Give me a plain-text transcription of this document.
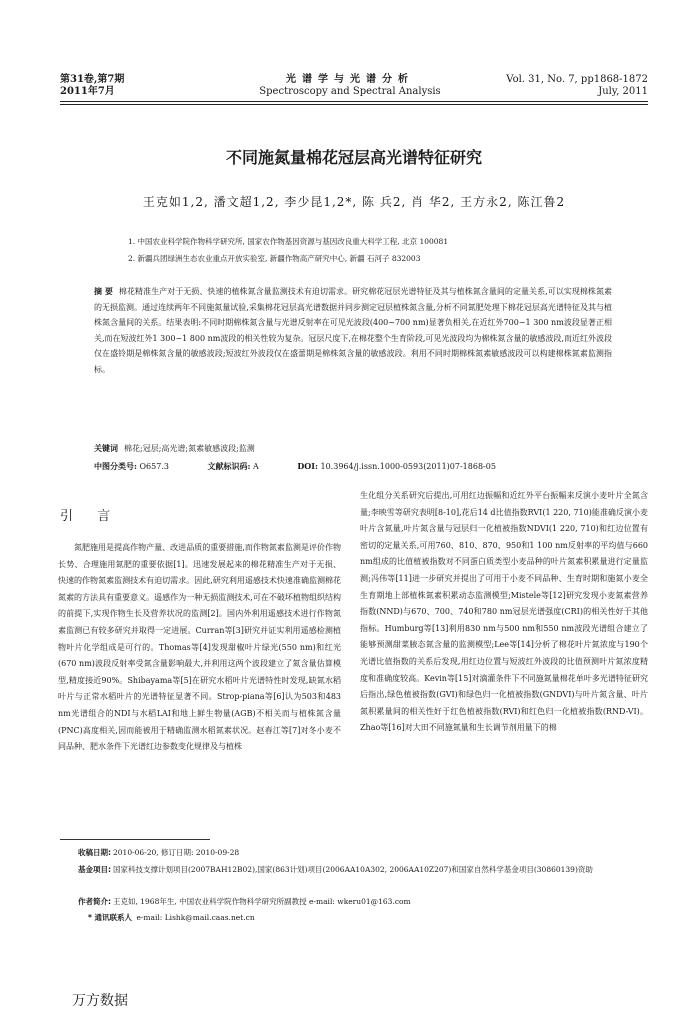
第31卷,第7期
2011年7月
光谱学与光谱分析
Spectroscopy and Spectral Analysis
Vol. 31, No. 7, pp1868-1872
July, 2011
不同施氮量棉花冠层高光谱特征研究
王克如1,2, 潘文超1,2, 李少昆1,2*, 陈 兵2, 肖 华2, 王方永2, 陈江鲁2
1. 中国农业科学院作物科学研究所, 国家农作物基因资源与基因改良重大科学工程, 北京 100081
2. 新疆兵团绿洲生态农业重点开放实验室, 新疆作物高产研究中心, 新疆 石河子 832003

摘 要 棉花精准生产对于无损、快速的植株氮含量监测技术有迫切需求。研究棉花冠层光谱特征及其与植株氮含量间的定量关系,可以实现棉株氮素的无损监测。通过连续两年不同施氮量试验,采集棉花冠层高光谱数据并同步测定冠层植株氮含量,分析不同氮肥处理下棉花冠层高光谱特征及其与植株氮含量间的关系。结果表明:不同时期棉株氮含量与光谱反射率在可见光波段(400~700 nm)显著负相关,在近红外700~1 300 nm波段显著正相关,而在短波红外1 300~1 800 nm波段的相关性较为复杂。冠层尺度下,在棉花整个生育阶段,可见光波段均为棉株氮含量的敏感波段,而近红外波段仅在盛铃期是棉株氮含量的敏感波段;短波红外波段仅在盛蕾期是棉株氮含量的敏感波段。利用不同时期棉株氮素敏感波段可以构建棉株氮素监测指标。

关键词 棉花;冠层;高光谱;氮素敏感波段;监测

中图分类号: O657.3	文献标识码: A	DOI: 10.3964/j.issn.1000-0593(2011)07-1868-05
引 言

氮肥施用是提高作物产量、改进品质的重要措施,而作物氮素监测是评价作物长势、合理施用氮肥的重要依据[1]。迅速发展起来的棉花精准生产对于无损、快速的作物氮素监测技术有迫切需求。因此,研究利用遥感技术快速准确监测棉花氮素的方法具有重要意义。遥感作为一种无损监测技术,可在不破坏植物组织结构的前提下,实现作物生长及营养状况的监测[2]。国内外利用遥感技术进行作物氮素监测已有较多研究并取得一定进展。Curran等[3]研究并证实利用遥感检测植物叶片化学组成是可行的。Thomas等[4]发现甜椒叶片绿光(550 nm)和红光(670 nm)波段反射率受氮含量影响最大,并利用这两个波段建立了氮含量估算模型,精度接近90%。Shibayama等[5]在研究水稻叶片光谱特性时发现,缺氮水稻叶片与正常水稻叶片的光谱特征显著不同。Strop-piana等[6]认为503和483 nm光谱组合的NDI与水稻LAI和地上鲜生物量(AGB)不相关而与植株氮含量(PNC)高度相关,因而能被用于精确监测水稻氮素状况。赵春江等[7]对冬小麦不同品种、肥水条件下光谱红边参数变化规律及与植株

生化组分关系研究后提出,可用红边振幅和近红外平台振幅来反演小麦叶片全氮含量;李映雪等研究表明[8-10],花后14 d比值指数RVI(1 220, 710)能准确反演小麦叶片含氮量,叶片氮含量与冠层归一化植被指数NDVI(1 220, 710)和红边位置有密切的定量关系,可用760、810、870、950和1 100 nm反射率的平均值与660 nm组成的比值植被指数对不同蛋白质类型小麦品种的叶片氮素积累量进行定量监测;冯伟等[11]进一步研究并提出了可用于小麦不同品种、生育时期和施氮小麦全生育期地上部植株氮素积累动态监测模型;Mistele等[12]研究发现小麦氮素营养指数(NND)与670、700、740和780 nm冠层光谱强度(CRI)的相关性好于其他指标。Humburg等[13]利用830 nm与500 nm和550 nm波段光谱组合建立了能够预测甜菜腋态氮含量的监测模型;Lee等[14]分析了棉花叶片氮浓度与190个光谱比值指数的关系后发现,用红边位置与短波红外波段的比值预测叶片氮浓度精度和准确度较高。Kevin等[15]对滴灌条件下不同施氮量棉花单叶多光谱特征研究后指出,绿色植被指数(GVI)和绿色归一化植被指数(GNDVI)与叶片氮含量、叶片氮积累量间的相关性好于红色植被指数(RVI)和红色归一化植被指数(RND-VI)。Zhao等[16]对大田不同施氮量和生长调节剂用量下的棉

收稿日期: 2010-06-20, 修订日期: 2010-09-28
基金项目: 国家科技支撑计划项目(2007BAH12B02),国家(863计划)项目(2006AA10A302, 2006AA10Z207)和国家自然科学基金项目(30860139)资助
作者简介: 王克如, 1968年生, 中国农业科学院作物科学研究所副教授 e-mail: wkeru01@163.com
* 通讯联系人 e-mail: Lishk@mail.caas.net.cn
万方数据
